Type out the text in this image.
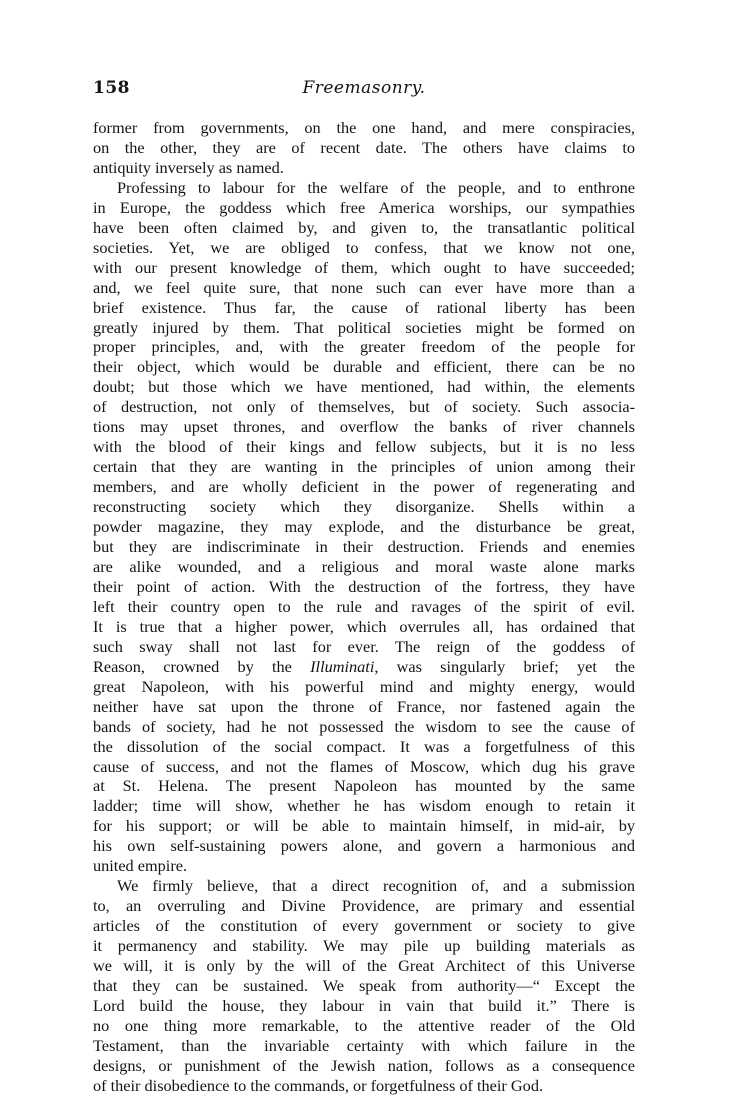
158	Freemasonry.

former from governments, on the one hand, and mere conspiracies,
on the other, they are of recent date. The others have claims to
antiquity inversely as named.

Professing to labour for the welfare of the people, and to enthrone
in Europe, the goddess which free America worships, our sympathies
have been often claimed by, and given to, the transatlantic political
societies. Yet, we are obliged to confess, that we know not one,
with our present knowledge of them, which ought to have succeeded;
and, we feel quite sure, that none such can ever have more than a
brief existence. Thus far, the cause of rational liberty has been
greatly injured by them. That political societies might be formed on
proper principles, and, with the greater freedom of the people for
their object, which would be durable and efficient, there can be no
doubt; but those which we have mentioned, had within, the elements
of destruction, not only of themselves, but of society. Such associa-
tions may upset thrones, and overflow the banks of river channels
with the blood of their kings and fellow subjects, but it is no less
certain that they are wanting in the principles of union among their
members, and are wholly deficient in the power of regenerating and
reconstructing society which they disorganize. Shells within a
powder magazine, they may explode, and the disturbance be great,
but they are indiscriminate in their destruction. Friends and enemies
are alike wounded, and a religious and moral waste alone marks
their point of action. With the destruction of the fortress, they have
left their country open to the rule and ravages of the spirit of evil.
It is true that a higher power, which overrules all, has ordained that
such sway shall not last for ever. The reign of the goddess of
Reason, crowned by the Illuminati, was singularly brief; yet the
great Napoleon, with his powerful mind and mighty energy, would
neither have sat upon the throne of France, nor fastened again the
bands of society, had he not possessed the wisdom to see the cause of
the dissolution of the social compact. It was a forgetfulness of this
cause of success, and not the flames of Moscow, which dug his grave
at St. Helena. The present Napoleon has mounted by the same
ladder; time will show, whether he has wisdom enough to retain it
for his support; or will be able to maintain himself, in mid-air, by
his own self-sustaining powers alone, and govern a harmonious and
united empire.

We firmly believe, that a direct recognition of, and a submission
to, an overruling and Divine Providence, are primary and essential
articles of the constitution of every government or society to give
it permanency and stability. We may pile up building materials as
we will, it is only by the will of the Great Architect of this Universe
that they can be sustained. We speak from authority—“ Except the
Lord build the house, they labour in vain that build it.” There is
no one thing more remarkable, to the attentive reader of the Old
Testament, than the invariable certainty with which failure in the
designs, or punishment of the Jewish nation, follows as a consequence
of their disobedience to the commands, or forgetfulness of their God.
